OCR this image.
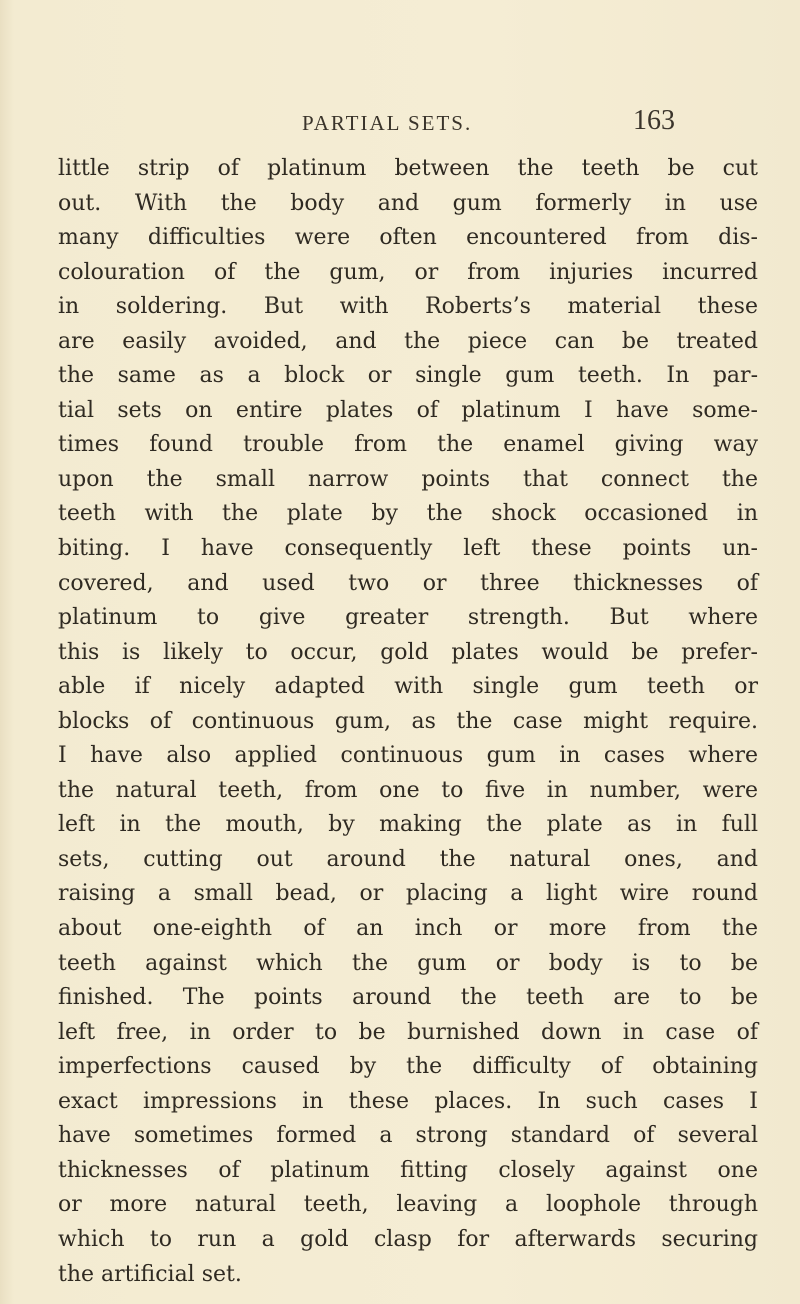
PARTIAL SETS.	163
little strip of platinum between the teeth be cut
out. With the body and gum formerly in use
many difficulties were often encountered from dis-
colouration of the gum, or from injuries incurred
in soldering. But with Roberts’s material these
are easily avoided, and the piece can be treated
the same as a block or single gum teeth. In par-
tial sets on entire plates of platinum I have some-
times found trouble from the enamel giving way
upon the small narrow points that connect the
teeth with the plate by the shock occasioned in
biting. I have consequently left these points un-
covered, and used two or three thicknesses of
platinum to give greater strength. But where
this is likely to occur, gold plates would be prefer-
able if nicely adapted with single gum teeth or
blocks of continuous gum, as the case might require.
I have also applied continuous gum in cases where
the natural teeth, from one to five in number, were
left in the mouth, by making the plate as in full
sets, cutting out around the natural ones, and
raising a small bead, or placing a light wire round
about one-eighth of an inch or more from the
teeth against which the gum or body is to be
finished. The points around the teeth are to be
left free, in order to be burnished down in case of
imperfections caused by the difficulty of obtaining
exact impressions in these places. In such cases I
have sometimes formed a strong standard of several
thicknesses of platinum fitting closely against one
or more natural teeth, leaving a loophole through
which to run a gold clasp for afterwards securing
the artificial set.
